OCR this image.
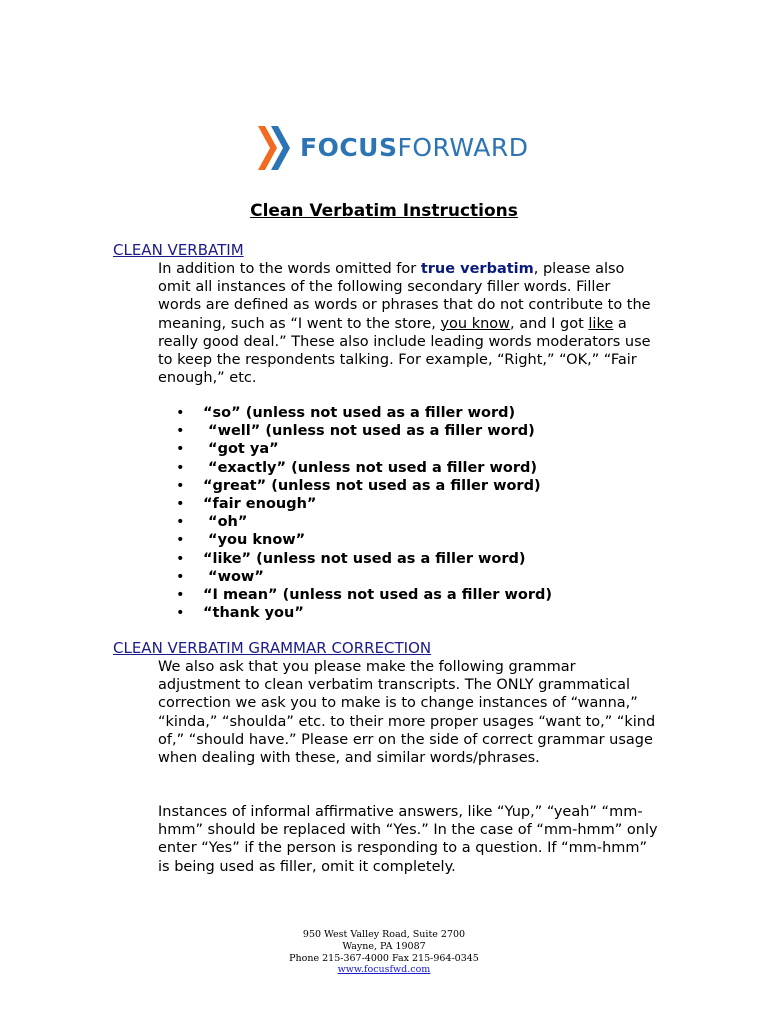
FOCUSFORWARD
Clean Verbatim Instructions
CLEAN VERBATIM

In addition to the words omitted for true verbatim, please also omit all instances of the following secondary filler words. Filler words are defined as words or phrases that do not contribute to the meaning, such as “I went to the store, you know, and I got like a really good deal.” These also include leading words moderators use to keep the respondents talking. For example, “Right,” “OK,” “Fair enough,” etc.

• “so” (unless not used as a filler word)
• “well” (unless not used as a filler word)
• “got ya”
• “exactly” (unless not used a filler word)
• “great” (unless not used as a filler word)
• “fair enough”
• “oh”
• “you know”
• “like” (unless not used as a filler word)
• “wow”
• “I mean” (unless not used as a filler word)
• “thank you”
CLEAN VERBATIM GRAMMAR CORRECTION

We also ask that you please make the following grammar adjustment to clean verbatim transcripts. The ONLY grammatical correction we ask you to make is to change instances of “wanna,” “kinda,” “shoulda” etc. to their more proper usages “want to,” “kind of,” “should have.” Please err on the side of correct grammar usage when dealing with these, and similar words/phrases.

Instances of informal affirmative answers, like “Yup,” “yeah” “mm-hmm” should be replaced with “Yes.” In the case of “mm-hmm” only enter “Yes” if the person is responding to a question. If “mm-hmm” is being used as filler, omit it completely.

950 West Valley Road, Suite 2700
Wayne, PA 19087
Phone 215-367-4000 Fax 215-964-0345
www.focusfwd.com
